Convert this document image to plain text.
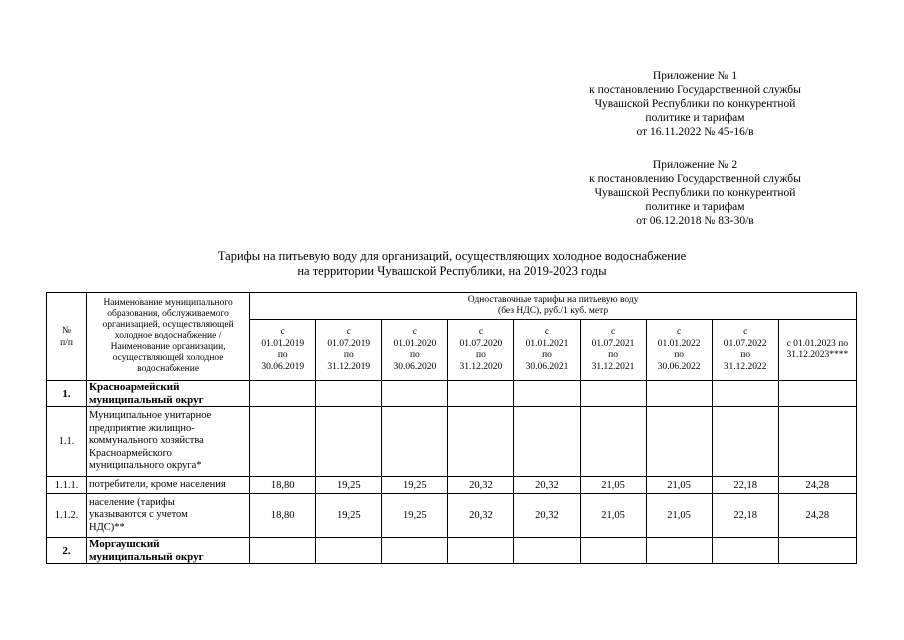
Приложение № 1
к постановлению Государственной службы
Чувашской Республики по конкурентной
политике и тарифам
от 16.11.2022 № 45-16/в
Приложение № 2
к постановлению Государственной службы
Чувашской Республики по конкурентной
политике и тарифам
от 06.12.2018 № 83-30/в
Тарифы на питьевую воду для организаций, осуществляющих холодное водоснабжение
на территории Чувашской Республики, на 2019-2023 годы
№
п/п	Наименование муниципального образования, обслуживаемого организацией, осуществляющей холодное водоснабжение / Наименование организации, осуществляющей холодное водоснабжение	Одноставочные тарифы на питьевую воду
(без НДС), руб./1 куб. метр								

		с
01.01.2019
по
30.06.2019	с
01.07.2019
по
31.12.2019	с
01.01.2020
по
30.06.2020	с
01.07.2020
по
31.12.2020	с
01.01.2021
по
30.06.2021	с
01.07.2021
по
31.12.2021	с
01.01.2022
по
30.06.2022	с
01.07.2022
по
31.12.2022	с 01.01.2023 по
31.12.2023****

1.	Красноармейский
муниципальный округ									

1.1.	Муниципальное унитарное
предприятие жилищно-
коммунального хозяйства
Красноармейского
муниципального округа*									

1.1.1.	потребители, кроме населения	18,80	19,25	19,25	20,32	20,32	21,05	21,05	22,18	24,28
1.1.2.	население (тарифы
указываются с учетом
НДС)**	18,80	19,25	19,25	20,32	20,32	21,05	21,05	22,18	24,28
2.	Моргаушский
муниципальный округ									
